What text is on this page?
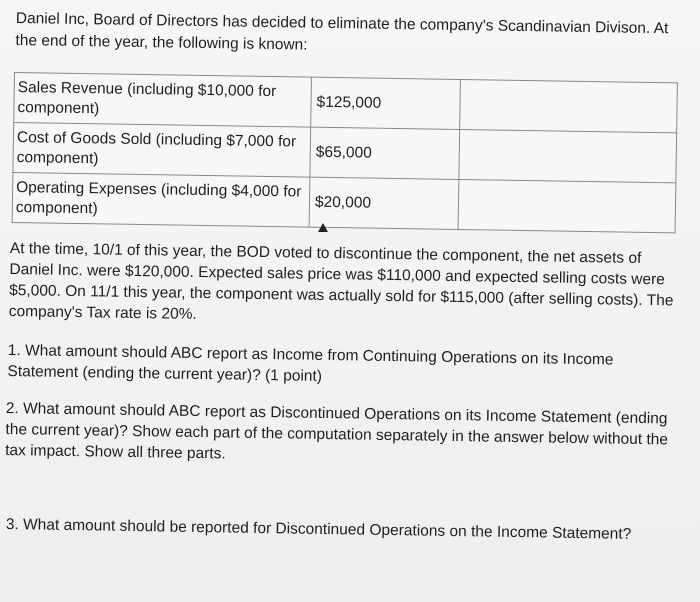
Daniel Inc, Board of Directors has decided to eliminate the company's Scandinavian Divison. At the end of the year, the following is known:

Sales Revenue (including $10,000 for component)	$125,000	
Cost of Goods Sold (including $7,000 for component)	$65,000	
Operating Expenses (including $4,000 for component)	$20,000	

At the time, 10/1 of this year, the BOD voted to discontinue the component, the net assets of Daniel Inc. were $120,000. Expected sales price was $110,000 and expected selling costs were $5,000. On 11/1 this year, the component was actually sold for $115,000 (after selling costs). The company's Tax rate is 20%.

1. What amount should ABC report as Income from Continuing Operations on its Income Statement (ending the current year)? (1 point)

2. What amount should ABC report as Discontinued Operations on its Income Statement (ending the current year)? Show each part of the computation separately in the answer below without the tax impact. Show all three parts.

3. What amount should be reported for Discontinued Operations on the Income Statement?
